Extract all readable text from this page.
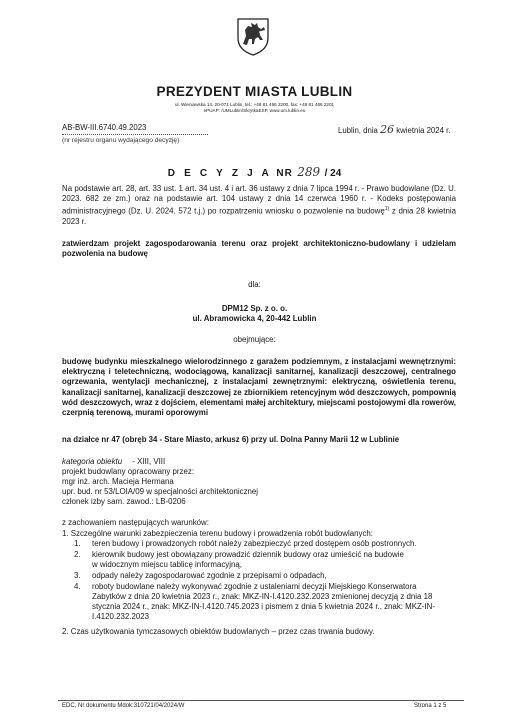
PREZYDENT MIASTA LUBLIN
ul. Wieniawska 14, 20-071 Lublin, tel.: +48 81 466 2200, fax: +48 81 466 2201
ePUAP: /UMLublin/SkrytkaESP, www.um.lublin.eu
AB-BW-III.6740.49.2023	Lublin, dnia 26 kwietnia 2024 r.
(nr rejestru organu wydającego decyzję)
D E C Y Z J A NR 289 / 24
Na podstawie art. 28, art. 33 ust. 1 art. 34 ust. 4 i art. 36 ustawy z dnia 7 lipca 1994 r. - Prawo budowlane (Dz. U. 2023. 682 ze zm.) oraz na podstawie art. 104 ustawy z dnia 14 czerwca 1960 r. - Kodeks postępowania administracyjnego (Dz. U. 2024. 572 t.j.) po rozpatrzeniu wniosku o pozwolenie na budowę$^{1)}$ z dnia 28 kwietnia 2023 r.
zatwierdzam projekt zagospodarowania terenu oraz projekt architektoniczno-budowlany i udzielam pozwolenia na budowę
dla:
DPM12 Sp. z o. o.
ul. Abramowicka 4, 20-442 Lublin
obejmujące:
budowę budynku mieszkalnego wielorodzinnego z garażem podziemnym, z instalacjami wewnętrznymi: elektryczną i teletechniczną, wodociągową, kanalizacji sanitarnej, kanalizacji deszczowej, centralnego ogrzewania, wentylacji mechanicznej, z instalacjami zewnętrznymi: elektryczną, oświetlenia terenu, kanalizacji sanitarnej, kanalizacji deszczowej ze zbiornikiem retencyjnym wód deszczowych, pompownią wód deszczowych, wraz z dojściem, elementami małej architektury, miejscami postojowymi dla rowerów, czerpnią terenową, murami oporowymi
na działce nr 47 (obręb 34 - Stare Miasto, arkusz 6) przy ul. Dolna Panny Marii 12 w Lublinie
kategoria obiektu - XIII, VIII
projekt budowlany opracowany przez:
mgr inż. arch. Macieja Hermana
upr. bud. nr 53/LOIA/09 w specjalności architektonicznej
członek izby sam. zawod.: LB-0206
z zachowaniem następujących warunków:
1. Szczególne warunki zabezpieczenia terenu budowy i prowadzenia robót budowlanych:
1. teren budowy i prowadzonych robót należy zabezpieczyć przed dostępem osób postronnych.
2. kierownik budowy jest obowiązany prowadzić dziennik budowy oraz umieścić na budowie
w widocznym miejscu tablicę informacyjną,
3. odpady należy zagospodarować zgodnie z przepisami o odpadach,
4. roboty budowlane należy wykonywać zgodnie z ustaleniami decyzji Miejskiego Konserwatora
Zabytków z dnia 20 kwietnia 2023 r., znak: MKZ-IN-I.4120.232.2023 zmienionej decyzją z dnia 18
stycznia 2024 r., znak: MKZ-IN-I.4120.745.2023 i pismem z dnia 5 kwietnia 2024 r., znak: MKZ-IN-
I.4120.232.2023
2. Czas użytkowania tymczasowych obiektów budowlanych – przez czas trwania budowy.
EDC, Nr dokumentu Mdok:310721/04/2024/W	Strona 1 z 5
